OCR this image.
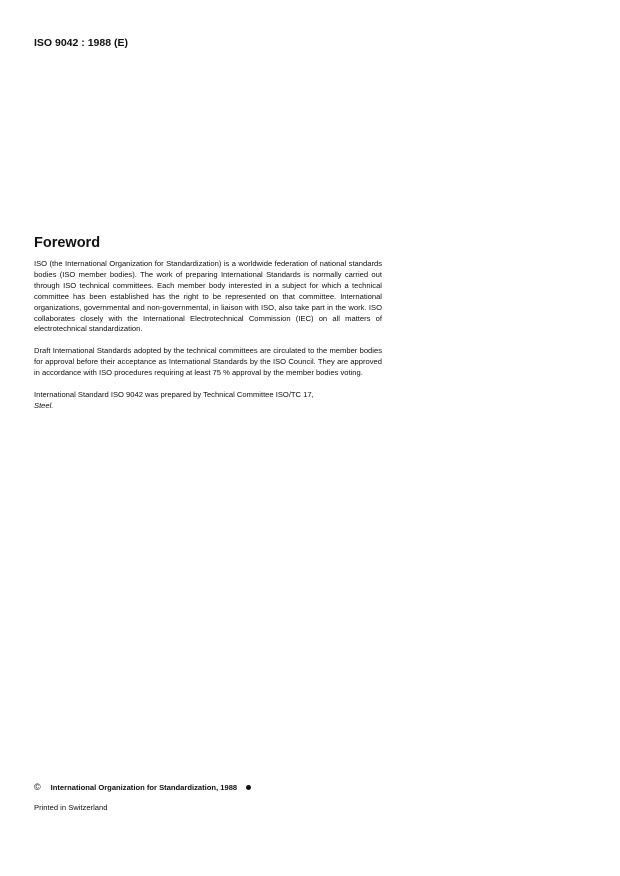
ISO 9042 : 1988 (E)
Foreword

ISO (the International Organization for Standardization) is a worldwide federation of national standards bodies (ISO member bodies). The work of preparing International Standards is normally carried out through ISO technical committees. Each member body interested in a subject for which a technical committee has been established has the right to be represented on that committee. International organizations, governmental and non-governmental, in liaison with ISO, also take part in the work. ISO collaborates closely with the International Electrotechnical Commission (IEC) on all matters of electrotechnical standardization.

Draft International Standards adopted by the technical committees are circulated to the member bodies for approval before their acceptance as International Standards by the ISO Council. They are approved in accordance with ISO procedures requiring at least 75 % approval by the member bodies voting.

International Standard ISO 9042 was prepared by Technical Committee ISO/TC 17,
Steel.

© International Organization for Standardization, 1988
Printed in Switzerland
